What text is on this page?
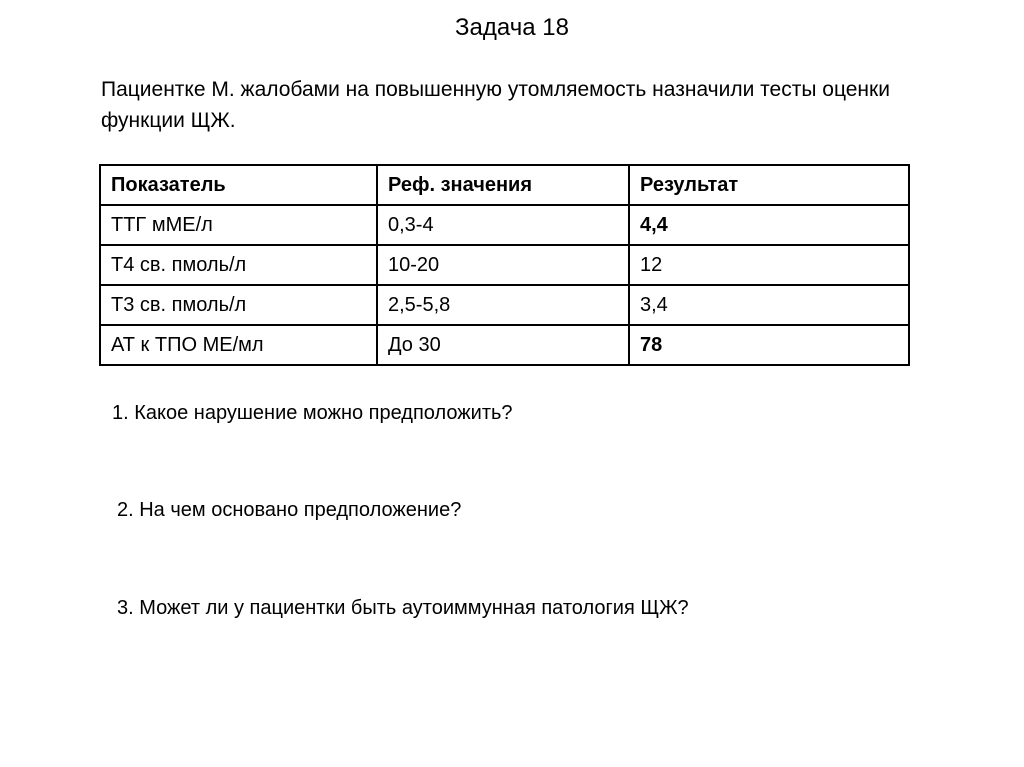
Задача 18
Пациентке М. жалобами на повышенную утомляемость назначили тесты оценки функции ЩЖ.
Показатель	Реф. значения	Результат
ТТГ мМЕ/л	0,3-4	4,4
Т4 св. пмоль/л	10-20	12
Т3 св. пмоль/л	2,5-5,8	3,4
АТ к ТПО МЕ/мл	До 30	78
1. Какое нарушение можно предположить?
2. На чем основано предположение?
3. Может ли у пациентки быть аутоиммунная патология ЩЖ?
